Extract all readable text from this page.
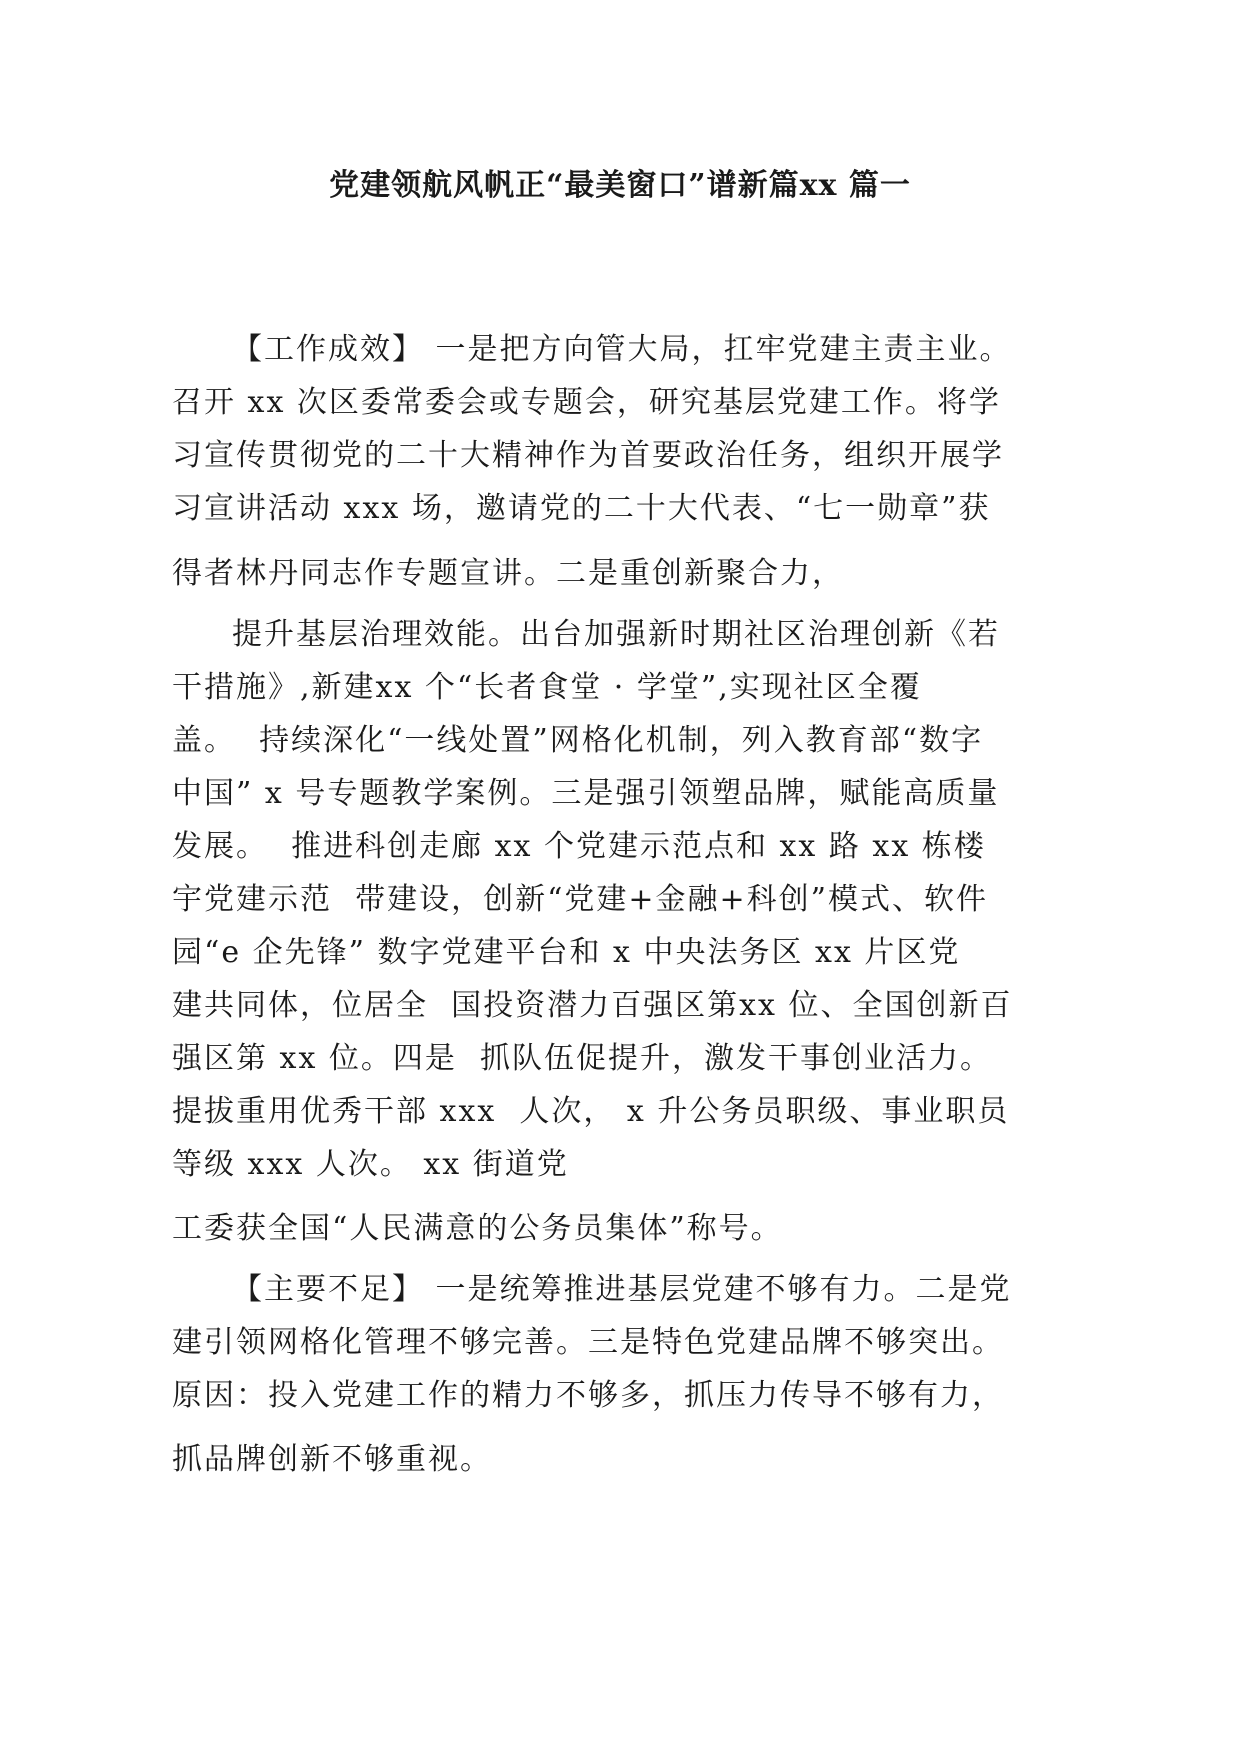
党建领航风帆正“最美窗口”谱新篇xx 篇一
【工作成效】 一是把方向管大局，扛牢党建主责主业。
召开 xx 次区委常委会或专题会，研究基层党建工作。将学
习宣传贯彻党的二十大精神作为首要政治任务，组织开展学
习宣讲活动 xxx 场，邀请党的二十大代表、“七一勋章”获
得者林丹同志作专题宣讲。二是重创新聚合力，
提升基层治理效能。出台加强新时期社区治理创新《若
干措施》,新建xx 个“长者食堂 · 学堂”,实现社区全覆
盖。  持续深化“一线处置”网格化机制，列入教育部“数字
中国” x 号专题教学案例。三是强引领塑品牌，赋能高质量
发展。  推进科创走廊 xx 个党建示范点和 xx 路 xx 栋楼
宇党建示范  带建设，创新“党建+金融+科创”模式、软件
园“e 企先锋” 数字党建平台和 x 中央法务区 xx 片区党
建共同体，位居全  国投资潜力百强区第xx 位、全国创新百
强区第 xx 位。四是  抓队伍促提升，激发干事创业活力。
提拔重用优秀干部 xxx  人次， x 升公务员职级、事业职员
等级 xxx 人次。 xx 街道党
工委获全国“人民满意的公务员集体”称号。
【主要不足】 一是统筹推进基层党建不够有力。二是党
建引领网格化管理不够完善。三是特色党建品牌不够突出。
原因：投入党建工作的精力不够多，抓压力传导不够有力，
抓品牌创新不够重视。
